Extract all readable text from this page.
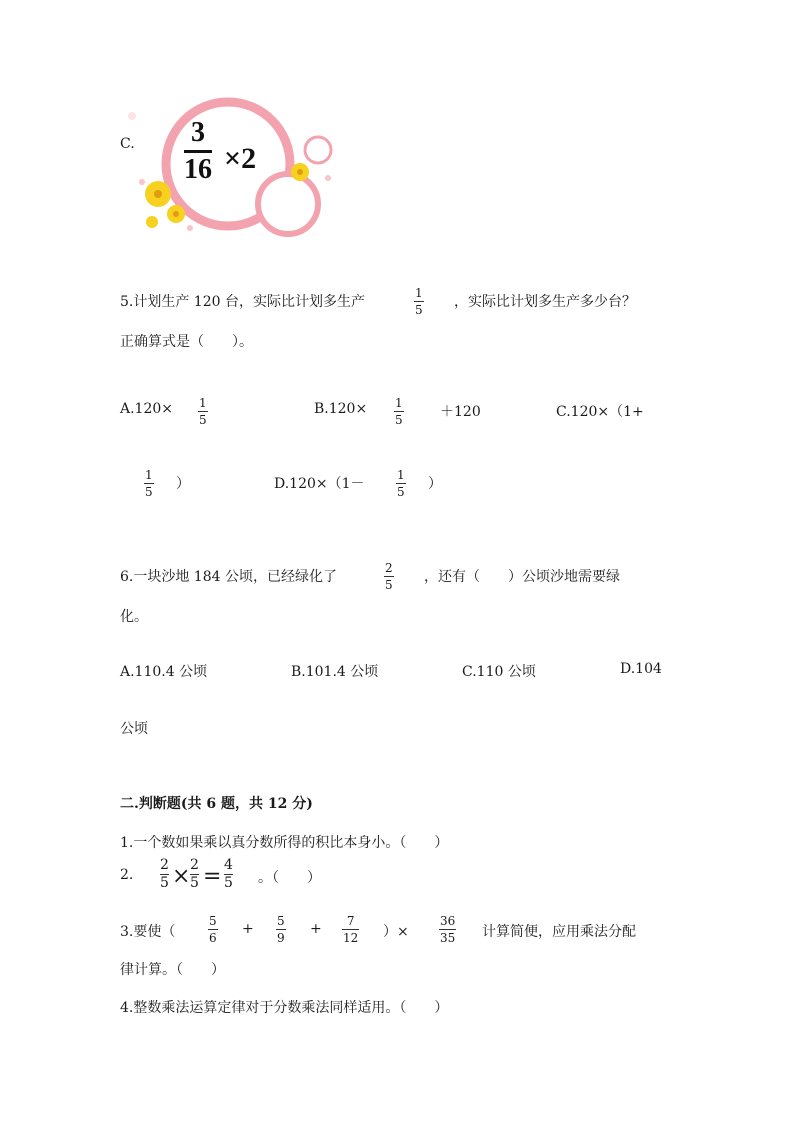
C. 3
16 ×2
5.计划生产 120 台，实际比计划多生产
1
5 ，实际比计划多生产多少台？
正确算式是（　　）。
A.120× 1
5
B.120× 1
5	＋120	C.120×（1+
1
5 ）	D.120×（1－
1
5 ）
6.一块沙地 184 公顷，已经绿化了
2
5 ，还有（　　）公顷沙地需要绿
化。
A.110.4 公顷	B.101.4 公顷	C.110 公顷	D.104
公顷
二.判断题(共 6 题，共 12 分)
1.一个数如果乘以真分数所得的积比本身小。（　　）
2.
2
5 × 2
5 = 4
5 。（　　）
3.要使（
5
6
+ 5
9
+ 7
12 ）×
36
35 计算简便，应用乘法分配
律计算。（　　）
4.整数乘法运算定律对于分数乘法同样适用。（　　）
